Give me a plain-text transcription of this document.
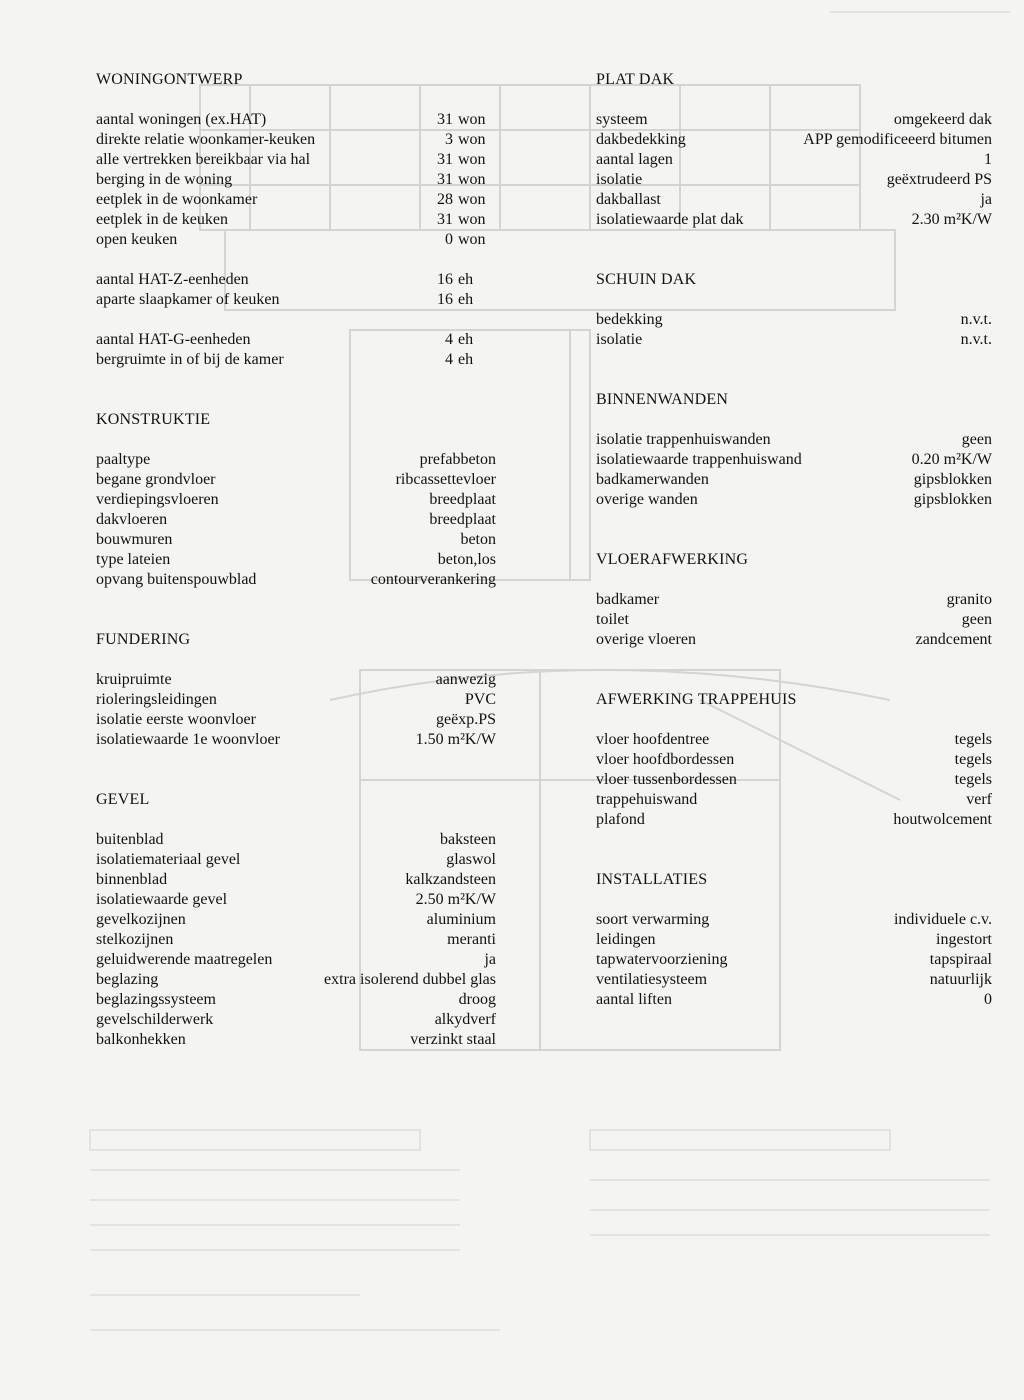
WONINGONTWERP
aantal woningen (ex.HAT)	31 won
direkte relatie woonkamer-keuken	3 won
alle vertrekken bereikbaar via hal	31 won
berging in de woning	31 won
eetplek in de woonkamer	28 won
eetplek in de keuken	31 won
open keuken	0 won
aantal HAT-Z-eenheden	16 eh
aparte slaapkamer of keuken	16 eh
aantal HAT-G-eenheden	4 eh
bergruimte in of bij de kamer	4 eh
KONSTRUKTIE
paaltype	prefabbeton
begane grondvloer	ribcassettevloer
verdiepingsvloeren	breedplaat
dakvloeren	breedplaat
bouwmuren	beton
type lateien	beton,los
opvang buitenspouwblad	contourverankering
FUNDERING
kruipruimte	aanwezig
rioleringsleidingen	PVC
isolatie eerste woonvloer	geëxp.PS
isolatiewaarde 1e woonvloer	1.50 m²K/W
GEVEL
buitenblad	baksteen
isolatiemateriaal gevel	glaswol
binnenblad	kalkzandsteen
isolatiewaarde gevel	2.50 m²K/W
gevelkozijnen	aluminium
stelkozijnen	meranti
geluidwerende maatregelen	ja
beglazing	extra isolerend dubbel glas
beglazingssysteem	droog
gevelschilderwerk	alkydverf
balkonhekken	verzinkt staal
PLAT DAK
systeem	omgekeerd dak
dakbedekking	APP gemodificeeerd bitumen
aantal lagen	1
isolatie	geëxtrudeerd PS
dakballast	ja
isolatiewaarde plat dak	2.30 m²K/W
SCHUIN DAK
bedekking	n.v.t.
isolatie	n.v.t.
BINNENWANDEN
isolatie trappenhuiswanden	geen
isolatiewaarde trappenhuiswand	0.20 m²K/W
badkamerwanden	gipsblokken
overige wanden	gipsblokken
VLOERAFWERKING
badkamer	granito
toilet	geen
overige vloeren	zandcement
AFWERKING TRAPPEHUIS
vloer hoofdentree	tegels
vloer hoofdbordessen	tegels
vloer tussenbordessen	tegels
trappehuiswand	verf
plafond	houtwolcement
INSTALLATIES
soort verwarming	individuele c.v.
leidingen	ingestort
tapwatervoorziening	tapspiraal
ventilatiesysteem	natuurlijk
aantal liften	0
